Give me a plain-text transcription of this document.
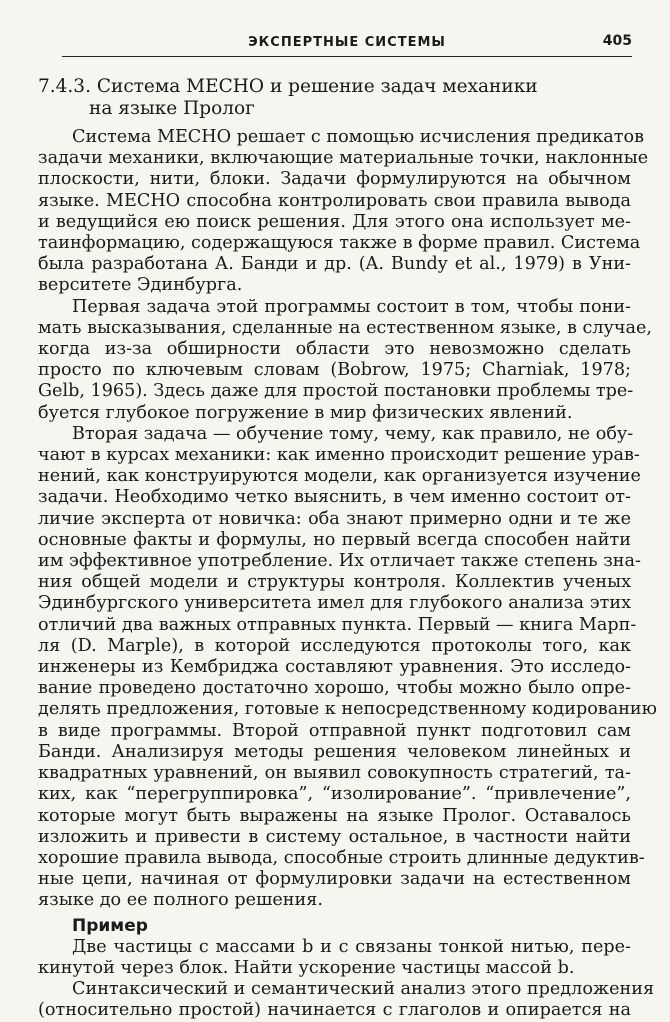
ЭКСПЕРТНЫЕ СИСТЕМЫ	405
7.4.3. Система МЕСНО и решение задач механики
на языке Пролог
Система МЕСНО решает с помощью исчисления предикатов
задачи механики, включающие материальные точки, наклонные
плоскости, нити, блоки. Задачи формулируются на обычном
языке. МЕСНО способна контролировать свои правила вывода
и ведущийся ею поиск решения. Для этого она использует ме-
таинформацию, содержащуюся также в форме правил. Система
была разработана А. Банди и др. (A. Bundy et al., 1979) в Уни-
верситете Эдинбурга.
Первая задача этой программы состоит в том, чтобы пони-
мать высказывания, сделанные на естественном языке, в случае,
когда из-за обширности области это невозможно сделать
просто по ключевым словам (Bobrow, 1975; Charniak, 1978;
Gelb, 1965). Здесь даже для простой постановки проблемы тре-
буется глубокое погружение в мир физических явлений.
Вторая задача — обучение тому, чему, как правило, не обу-
чают в курсах механики: как именно происходит решение урав-
нений, как конструируются модели, как организуется изучение
задачи. Необходимо четко выяснить, в чем именно состоит от-
личие эксперта от новичка: оба знают примерно одни и те же
основные факты и формулы, но первый всегда способен найти
им эффективное употребление. Их отличает также степень зна-
ния общей модели и структуры контроля. Коллектив ученых
Эдинбургского университета имел для глубокого анализа этих
отличий два важных отправных пункта. Первый — книга Марп-
ля (D. Marple), в которой исследуются протоколы того, как
инженеры из Кембриджа составляют уравнения. Это исследо-
вание проведено достаточно хорошо, чтобы можно было опре-
делять предложения, готовые к непосредственному кодированию
в виде программы. Второй отправной пункт подготовил сам
Банди. Анализируя методы решения человеком линейных и
квадратных уравнений, он выявил совокупность стратегий, та-
ких, как “перегруппировка”, “изолирование”. “привлечение”,
которые могут быть выражены на языке Пролог. Оставалось
изложить и привести в систему остальное, в частности найти
хорошие правила вывода, способные строить длинные дедуктив-
ные цепи, начиная от формулировки задачи на естественном
языке до ее полного решения.
Пример
Две частицы с массами b и c связаны тонкой нитью, пере-
кинутой через блок. Найти ускорение частицы массой b.
Синтаксический и семантический анализ этого предложения
(относительно простой) начинается с глаголов и опирается на
